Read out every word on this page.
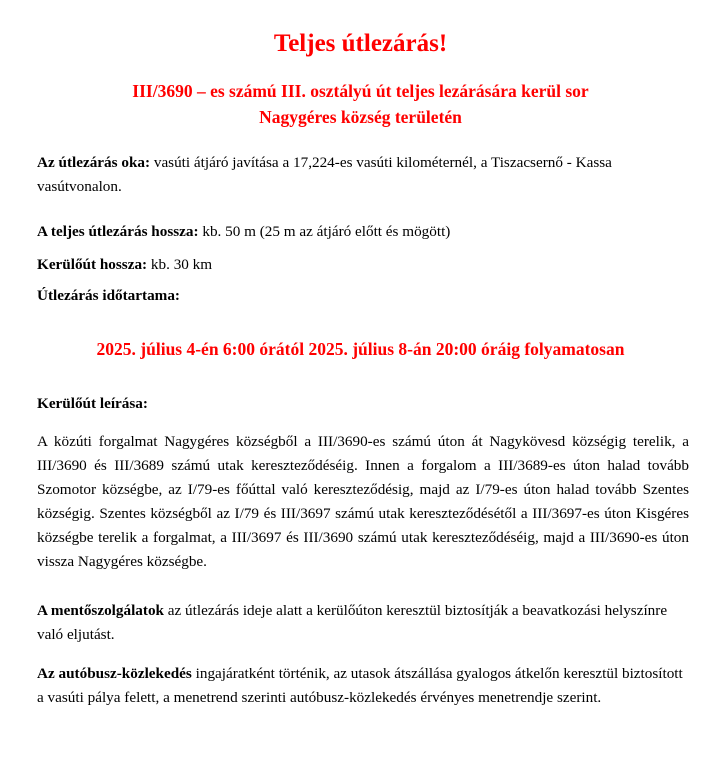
Teljes útlezárás!
III/3690 – es számú III. osztályú út teljes lezárására kerül sor
Nagygéres község területén
Az útlezárás oka: vasúti átjáró javítása a 17,224-es vasúti kilométernél, a Tiszacsernő - Kassa vasútvonalon.
A teljes útlezárás hossza: kb. 50 m (25 m az átjáró előtt és mögött)
Kerülőút hossza: kb. 30 km
Útlezárás időtartama:
2025. július 4-én 6:00 órától 2025. július 8-án 20:00 óráig folyamatosan
Kerülőút leírása:
A közúti forgalmat Nagygéres községből a III/3690-es számú úton át Nagykövesd községig terelik, a III/3690 és III/3689 számú utak kereszteződéséig. Innen a forgalom a III/3689-es úton halad tovább Szomotor községbe, az I/79-es főúttal való kereszteződésig, majd az I/79-es úton halad tovább Szentes községig. Szentes községből az I/79 és III/3697 számú utak kereszteződésétől a III/3697-es úton Kisgéres községbe terelik a forgalmat, a III/3697 és III/3690 számú utak kereszteződéséig, majd a III/3690-es úton vissza Nagygéres községbe.
A mentőszolgálatok az útlezárás ideje alatt a kerülőúton keresztül biztosítják a beavatkozási helyszínre való eljutást.
Az autóbusz-közlekedés ingajáratként történik, az utasok átszállása gyalogos átkelőn keresztül biztosított a vasúti pálya felett, a menetrend szerinti autóbusz-közlekedés érvényes menetrendje szerint.
